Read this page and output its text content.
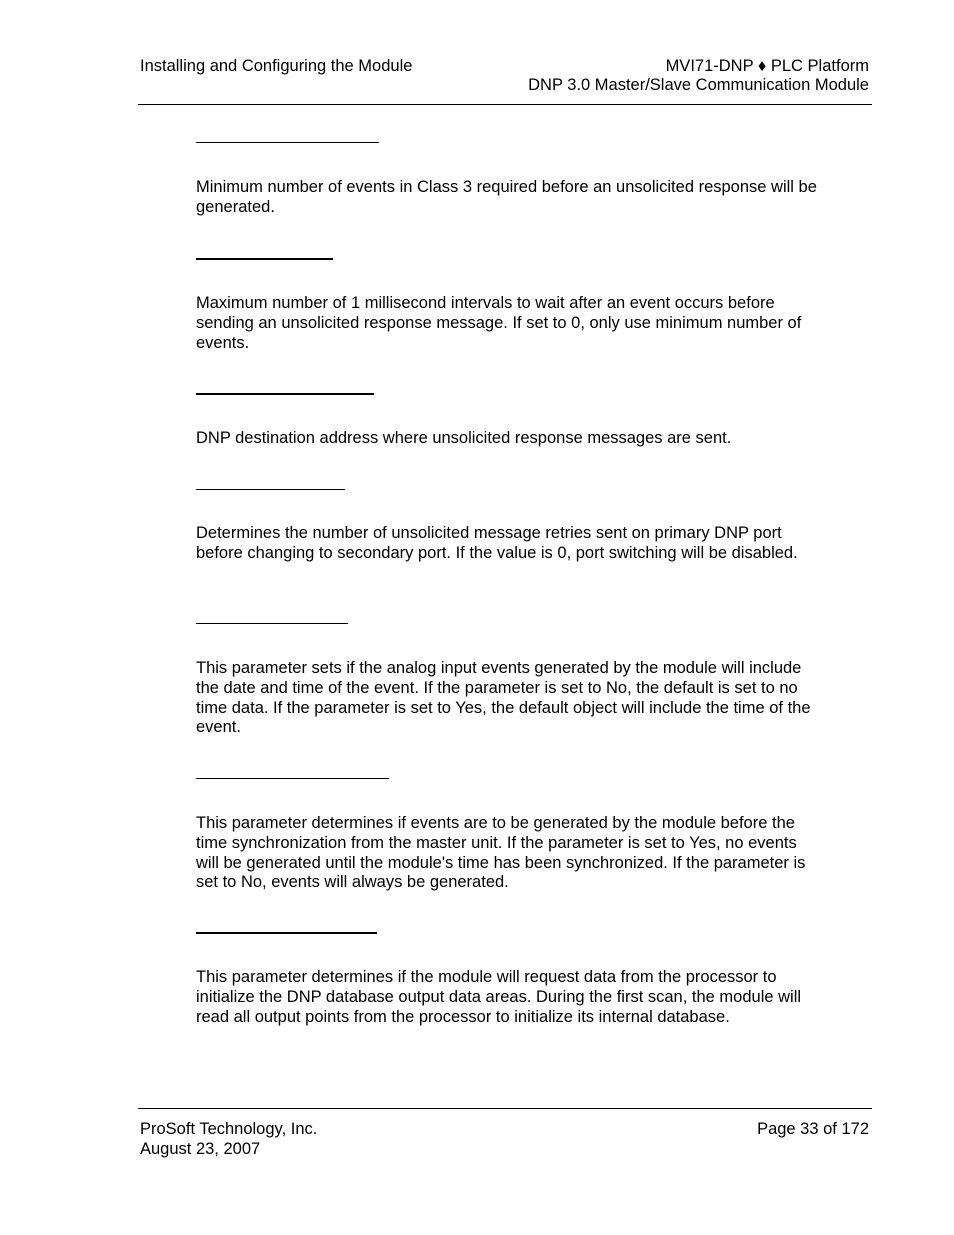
Installing and Configuring the Module	MVI71-DNP ♦ PLC Platform
DNP 3.0 Master/Slave Communication Module

Minimum number of events in Class 3 required before an unsolicited response will be generated.

Maximum number of 1 millisecond intervals to wait after an event occurs before sending an unsolicited response message. If set to 0, only use minimum number of events.

DNP destination address where unsolicited response messages are sent.

Determines the number of unsolicited message retries sent on primary DNP port before changing to secondary port. If the value is 0, port switching will be disabled.

This parameter sets if the analog input events generated by the module will include the date and time of the event. If the parameter is set to No, the default is set to no time data. If the parameter is set to Yes, the default object will include the time of the event.

This parameter determines if events are to be generated by the module before the time synchronization from the master unit. If the parameter is set to Yes, no events will be generated until the module's time has been synchronized. If the parameter is set to No, events will always be generated.

This parameter determines if the module will request data from the processor to initialize the DNP database output data areas. During the first scan, the module will read all output points from the processor to initialize its internal database.

ProSoft Technology, Inc.
August 23, 2007
Page 33 of 172
